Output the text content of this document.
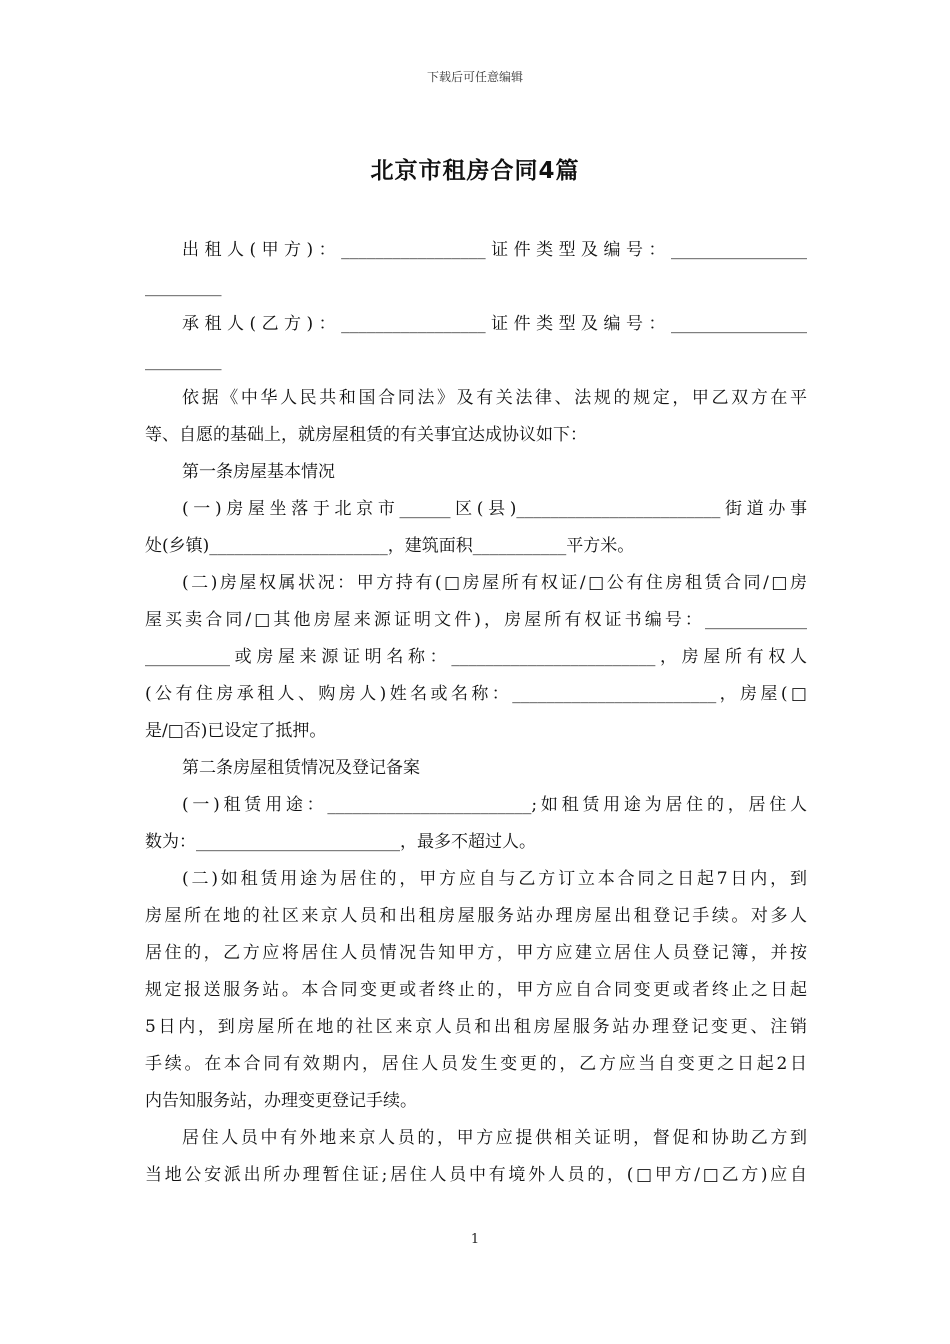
下载后可任意编辑
北京市租房合同4篇
出租人(甲方)：_________________证件类型及编号：________________
_________
承租人(乙方)：_________________证件类型及编号：________________
_________
依据《中华人民共和国合同法》及有关法律、法规的规定，甲乙双方在平
等、自愿的基础上，就房屋租赁的有关事宜达成协议如下：
第一条房屋基本情况
(一)房屋坐落于北京市______区(县)________________________街道办事
处(乡镇)_____________________，建筑面积___________平方米。
(二)房屋权属状况：甲方持有(□房屋所有权证/□公有住房租赁合同/□房
屋买卖合同/□其他房屋来源证明文件)，房屋所有权证书编号：____________
__________或房屋来源证明名称：________________________，房屋所有权人
(公有住房承租人、购房人)姓名或名称：________________________，房屋(□
是/□否)已设定了抵押。
第二条房屋租赁情况及登记备案
(一)租赁用途：________________________;如租赁用途为居住的，居住人
数为：________________________，最多不超过人。
(二)如租赁用途为居住的，甲方应自与乙方订立本合同之日起7日内，到
房屋所在地的社区来京人员和出租房屋服务站办理房屋出租登记手续。对多人
居住的，乙方应将居住人员情况告知甲方，甲方应建立居住人员登记簿，并按
规定报送服务站。本合同变更或者终止的，甲方应自合同变更或者终止之日起
5日内，到房屋所在地的社区来京人员和出租房屋服务站办理登记变更、注销
手续。在本合同有效期内，居住人员发生变更的，乙方应当自变更之日起2日
内告知服务站，办理变更登记手续。
居住人员中有外地来京人员的，甲方应提供相关证明，督促和协助乙方到
当地公安派出所办理暂住证;居住人员中有境外人员的，(□甲方/□乙方)应自
1
